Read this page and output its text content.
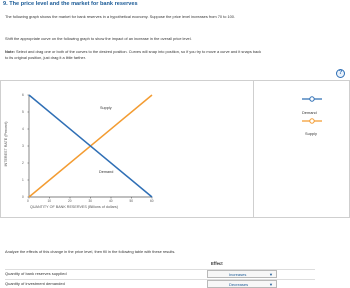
9. The price level and the market for bank reserves
The following graph shows the market for bank reserves in a hypothetical economy. Suppose the price level increases from 70 to 100.
Shift the appropriate curve on the following graph to show the impact of an increase in the overall price level.
Note: Select and drag one or both of the curves to the desired position. Curves will snap into position, so if you try to move a curve and it snaps back
to its original position, just drag it a little farther.
?
0
1
2
3
4
5
6
0	10	20	30	40	50	60
INTEREST RATE (Percent)
QUANTITY OF BANK RESERVES (Billions of dollars)
Supply
Demand
Demand
Supply
Analyze the effects of this change in the price level, then fill in the following table with these results.
Effect
Quantity of bank reserves supplied	Increases	▼
Quantity of investment demanded	Decreases	▼
